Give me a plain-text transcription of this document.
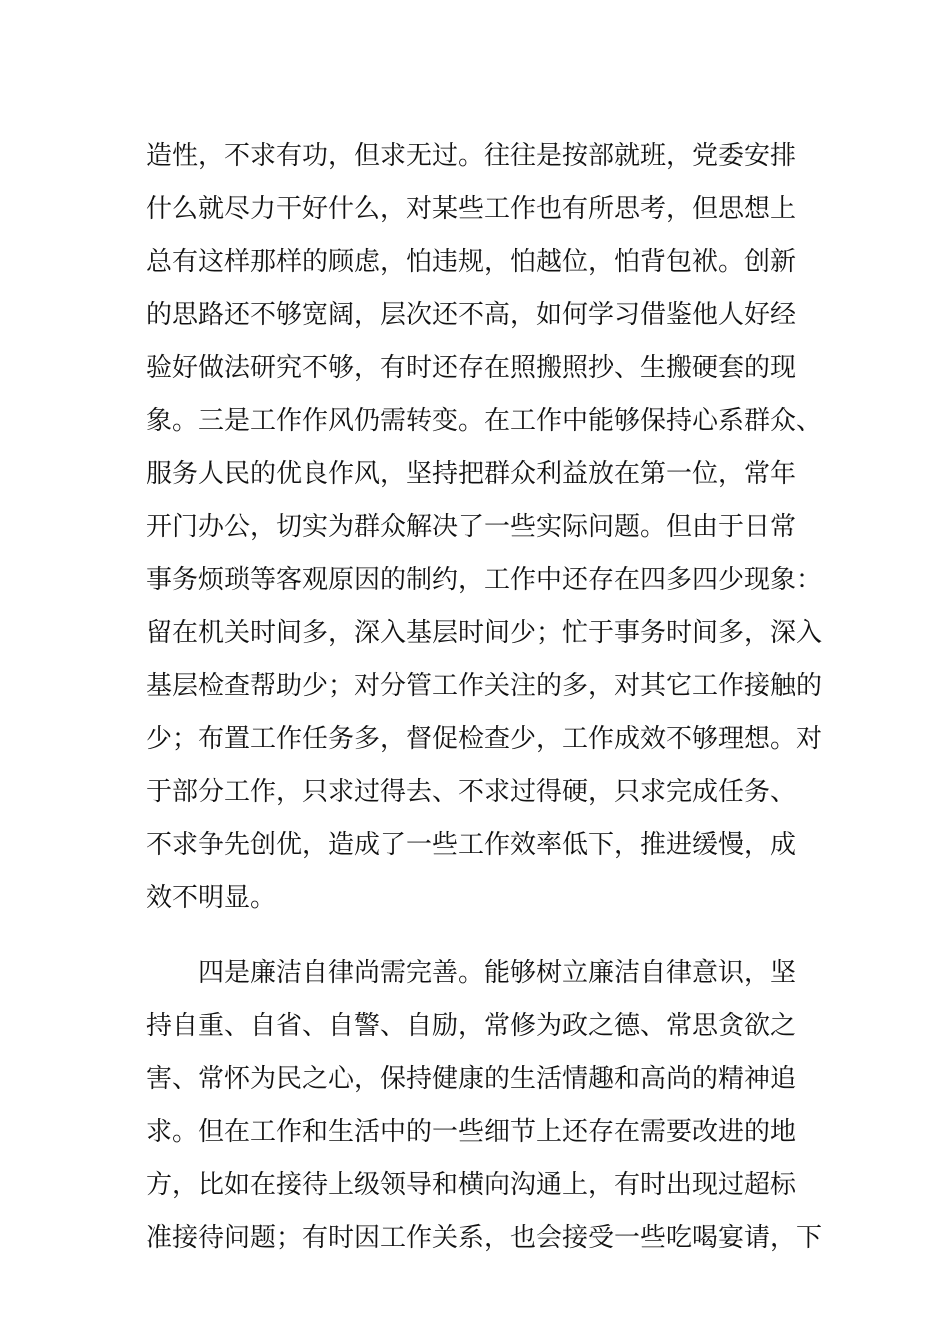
造性，不求有功，但求无过。往往是按部就班，党委安排
什么就尽力干好什么，对某些工作也有所思考，但思想上
总有这样那样的顾虑，怕违规，怕越位，怕背包袱。创新
的思路还不够宽阔，层次还不高，如何学习借鉴他人好经
验好做法研究不够，有时还存在照搬照抄、生搬硬套的现
象。三是工作作风仍需转变。在工作中能够保持心系群众、
服务人民的优良作风，坚持把群众利益放在第一位，常年
开门办公，切实为群众解决了一些实际问题。但由于日常
事务烦琐等客观原因的制约，工作中还存在四多四少现象：
留在机关时间多，深入基层时间少；忙于事务时间多，深入
基层检查帮助少；对分管工作关注的多，对其它工作接触的
少；布置工作任务多，督促检查少，工作成效不够理想。对
于部分工作，只求过得去、不求过得硬，只求完成任务、
不求争先创优，造成了一些工作效率低下，推进缓慢，成
效不明显。
　　四是廉洁自律尚需完善。能够树立廉洁自律意识，坚
持自重、自省、自警、自励，常修为政之德、常思贪欲之
害、常怀为民之心，保持健康的生活情趣和高尚的精神追
求。但在工作和生活中的一些细节上还存在需要改进的地
方，比如在接待上级领导和横向沟通上，有时出现过超标
准接待问题；有时因工作关系，也会接受一些吃喝宴请，下
